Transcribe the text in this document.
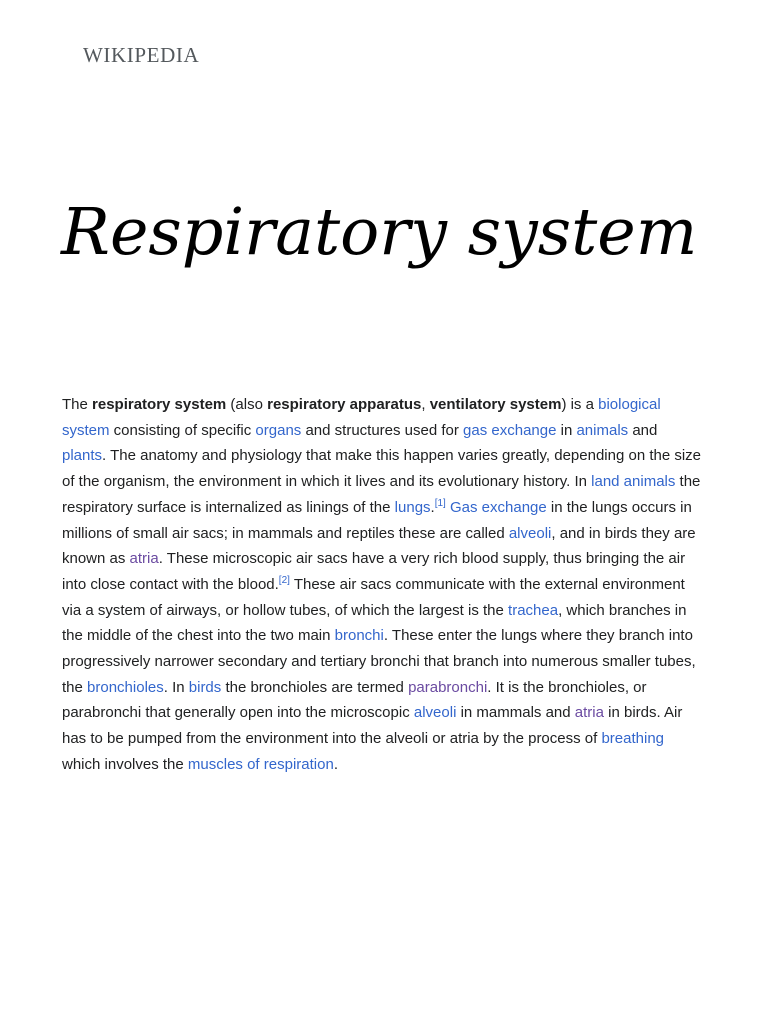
WIKIPEDIA
Respiratory system

The respiratory system (also respiratory apparatus, ventilatory system) is a biological system consisting of specific organs and structures used for gas exchange in animals and plants. The anatomy and physiology that make this happen varies greatly, depending on the size of the organism, the environment in which it lives and its evolutionary history. In land animals the respiratory surface is internalized as linings of the lungs.[1] Gas exchange in the lungs occurs in millions of small air sacs; in mammals and reptiles these are called alveoli, and in birds they are known as atria. These microscopic air sacs have a very rich blood supply, thus bringing the air into close contact with the blood.[2] These air sacs communicate with the external environment via a system of airways, or hollow tubes, of which the largest is the trachea, which branches in the middle of the chest into the two main bronchi. These enter the lungs where they branch into progressively narrower secondary and tertiary bronchi that branch into numerous smaller tubes, the bronchioles. In birds the bronchioles are termed parabronchi. It is the bronchioles, or parabronchi that generally open into the microscopic alveoli in mammals and atria in birds. Air has to be pumped from the environment into the alveoli or atria by the process of breathing which involves the muscles of respiration.
